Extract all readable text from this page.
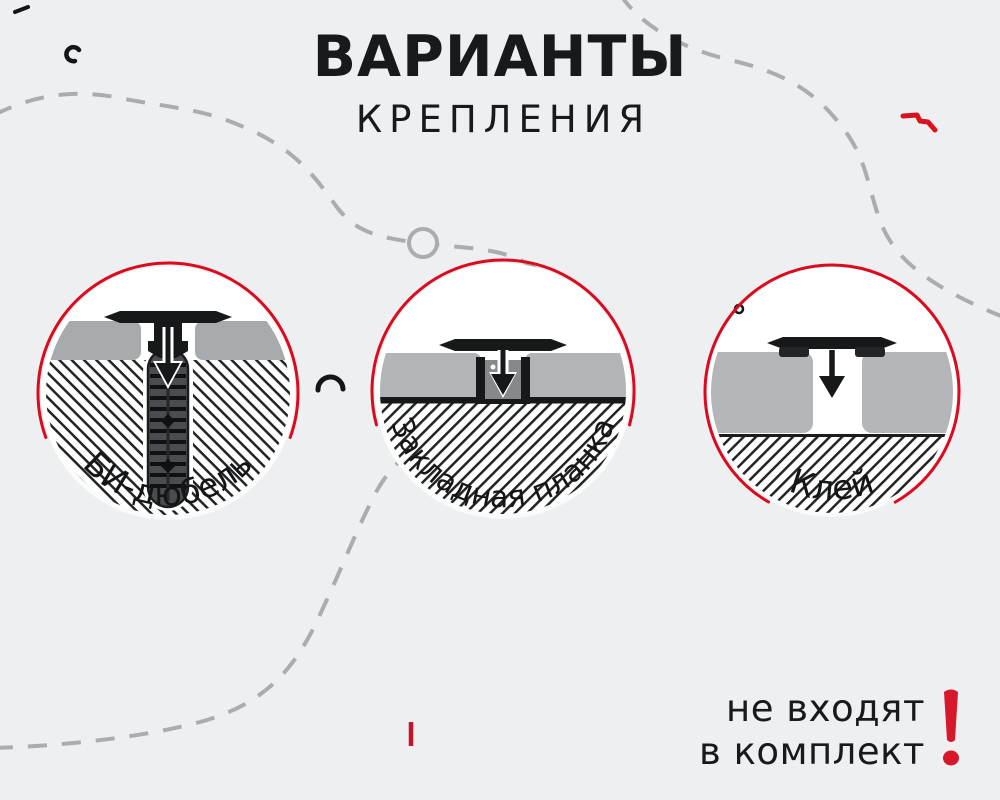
ВАРИАНТЫ
КРЕПЛЕНИЯ
БИ-дюбель
Закладная планка
Клей
не входят
в комплект
